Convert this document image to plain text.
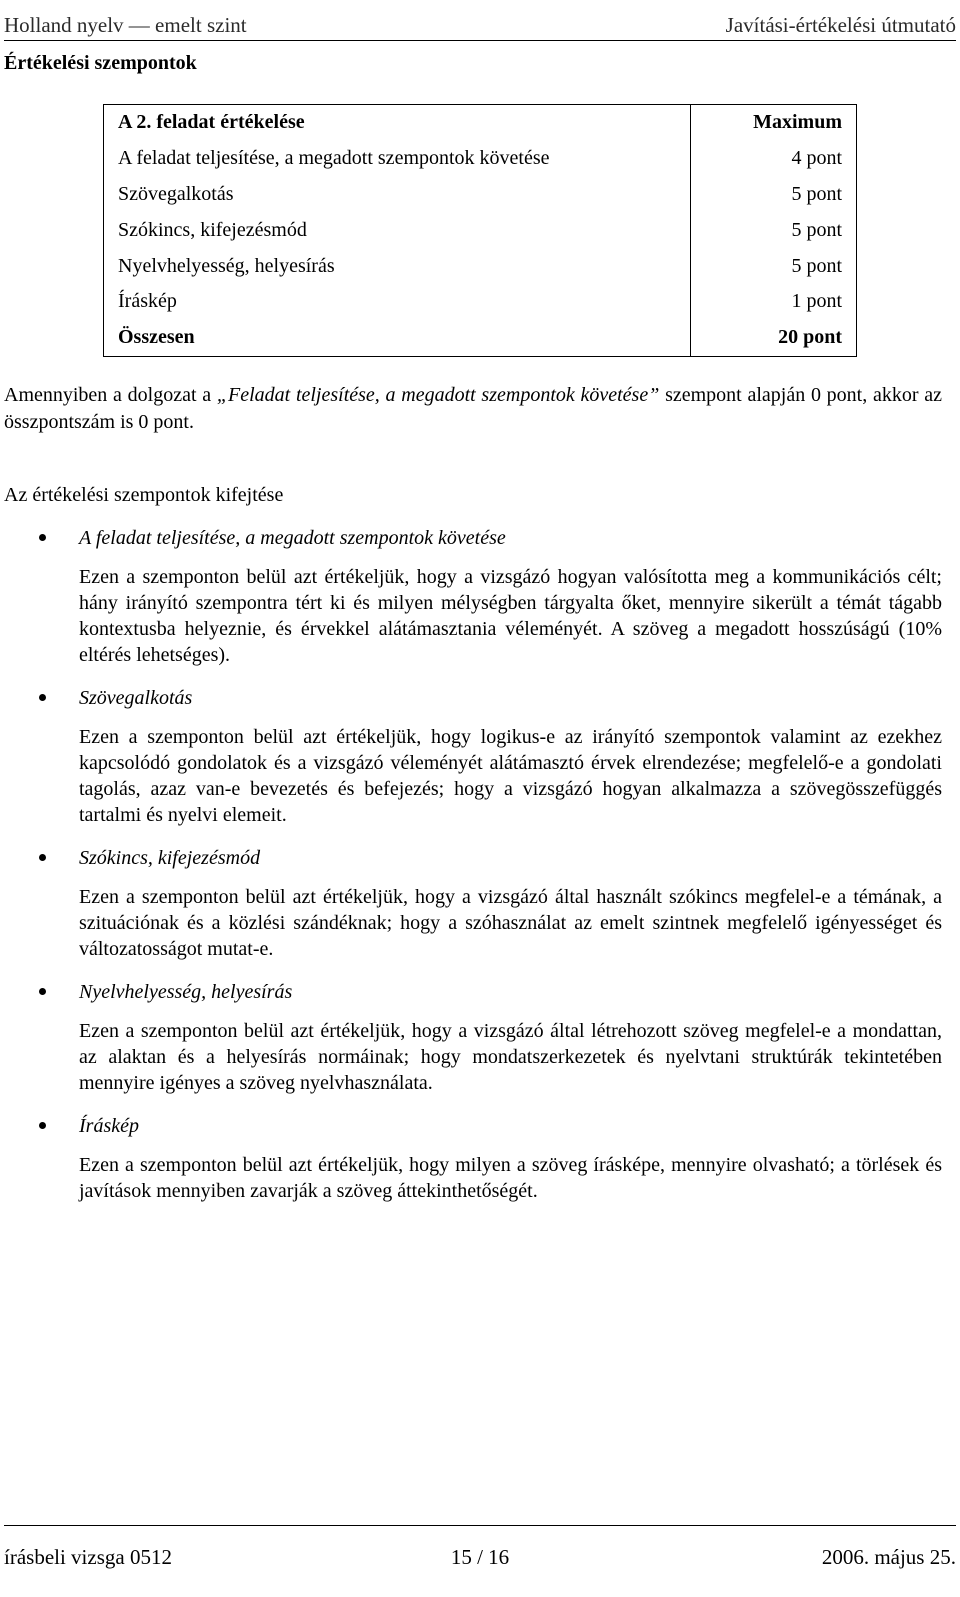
Holland nyelv — emelt szint	Javítási-értékelési útmutató
Értékelési szempontok
A 2. feladat értékelése	Maximum
A feladat teljesítése, a megadott szempontok követése	4 pont
Szövegalkotás	5 pont
Szókincs, kifejezésmód	5 pont
Nyelvhelyesség, helyesírás	5 pont
Íráskép	1 pont
Összesen	20 pont

Amennyiben a dolgozat a „Feladat teljesítése, a megadott szempontok követése” szempont alapján 0 pont, akkor az összpontszám is 0 pont.

Az értékelési szempontok kifejtése
A feladat teljesítése, a megadott szempontok követése

Ezen a szemponton belül azt értékeljük, hogy a vizsgázó hogyan valósította meg a kommunikációs célt; hány irányító szempontra tért ki és milyen mélységben tárgyalta őket, mennyire sikerült a témát tágabb kontextusba helyeznie, és érvekkel alátámasztania véleményét. A szöveg a megadott hosszúságú (10% eltérés lehetséges).

Szövegalkotás

Ezen a szemponton belül azt értékeljük, hogy logikus-e az irányító szempontok valamint az ezekhez kapcsolódó gondolatok és a vizsgázó véleményét alátámasztó érvek elrendezése; megfelelő-e a gondolati tagolás, azaz van-e bevezetés és befejezés; hogy a vizsgázó hogyan alkalmazza a szövegösszefüggés tartalmi és nyelvi elemeit.

Szókincs, kifejezésmód

Ezen a szemponton belül azt értékeljük, hogy a vizsgázó által használt szókincs megfelel-e a témának, a szituációnak és a közlési szándéknak; hogy a szóhasználat az emelt szintnek megfelelő igényességet és változatosságot mutat-e.

Nyelvhelyesség, helyesírás

Ezen a szemponton belül azt értékeljük, hogy a vizsgázó által létrehozott szöveg megfelel-e a mondattan, az alaktan és a helyesírás normáinak; hogy mondatszerkezetek és nyelvtani struktúrák tekintetében mennyire igényes a szöveg nyelvhasználata.

Íráskép

Ezen a szemponton belül azt értékeljük, hogy milyen a szöveg írásképe, mennyire olvasható; a törlések és javítások mennyiben zavarják a szöveg áttekinthetőségét.

írásbeli vizsga 0512	15 / 16	2006. május 25.
